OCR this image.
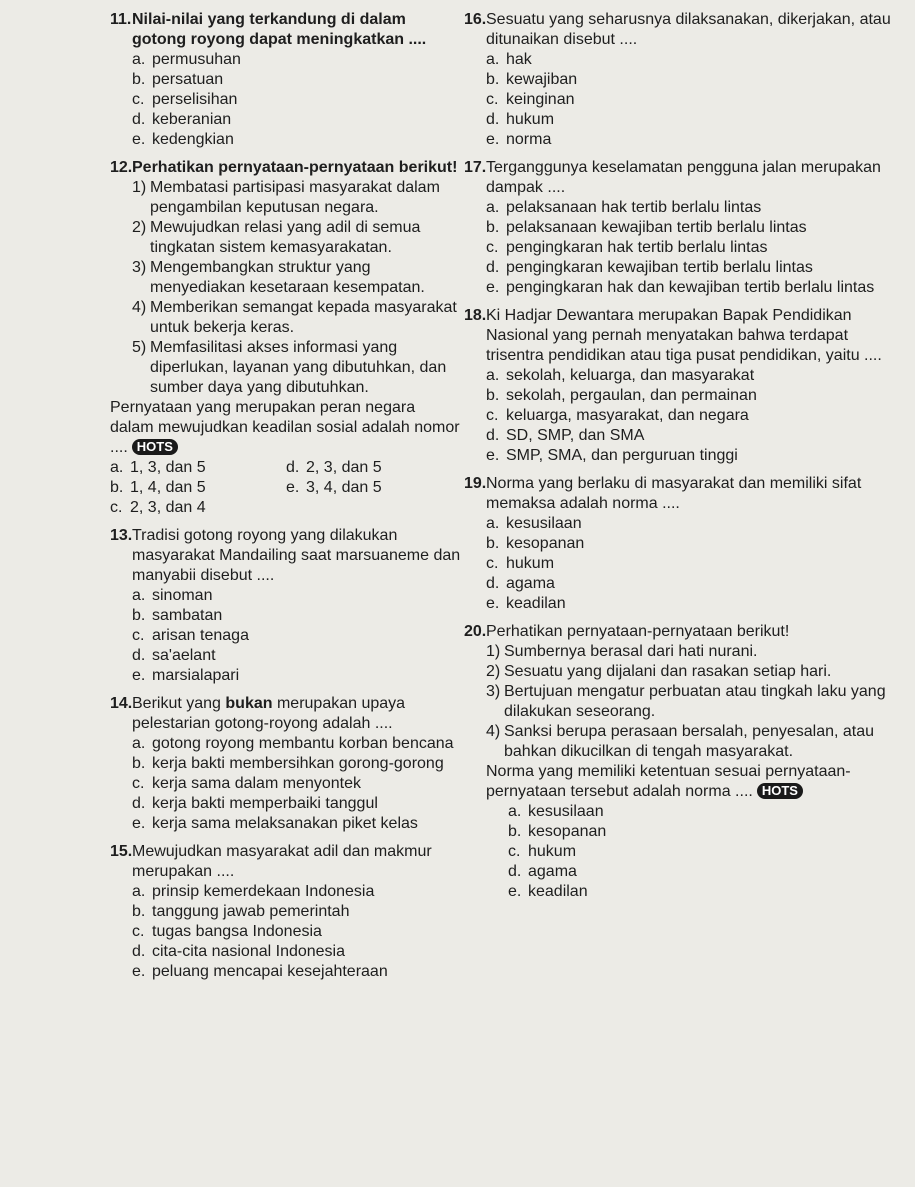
11. Nilai-nilai yang terkandung di dalam gotong royong dapat meningkatkan ....
a. permusuhan
b. persatuan
c. perselisihan
d. keberanian
e. kedengkian
12. Perhatikan pernyataan-pernyataan berikut!
1) Membatasi partisipasi masyarakat dalam pengambilan keputusan negara.
2) Mewujudkan relasi yang adil di semua tingkatan sistem kemasyarakatan.
3) Mengembangkan struktur yang menyediakan kesetaraan kesempatan.
4) Memberikan semangat kepada masyarakat untuk bekerja keras.
5) Memfasilitasi akses informasi yang diperlukan, layanan yang dibutuhkan, dan sumber daya yang dibutuhkan.
Pernyataan yang merupakan peran negara dalam mewujudkan keadilan sosial adalah nomor .... HOTS
a. 1, 3, dan 5	d. 2, 3, dan 5
b. 1, 4, dan 5	e. 3, 4, dan 5
c. 2, 3, dan 4
13. Tradisi gotong royong yang dilakukan masyarakat Mandailing saat marsuaneme dan manyabii disebut ....
a. sinoman
b. sambatan
c. arisan tenaga
d. sa'aelant
e. marsialapari
14. Berikut yang bukan merupakan upaya pelestarian gotong-royong adalah ....
a. gotong royong membantu korban bencana
b. kerja bakti membersihkan gorong-gorong
c. kerja sama dalam menyontek
d. kerja bakti memperbaiki tanggul
e. kerja sama melaksanakan piket kelas
15. Mewujudkan masyarakat adil dan makmur merupakan ....
a. prinsip kemerdekaan Indonesia
b. tanggung jawab pemerintah
c. tugas bangsa Indonesia
d. cita-cita nasional Indonesia
e. peluang mencapai kesejahteraan
16. Sesuatu yang seharusnya dilaksanakan, dikerjakan, atau ditunaikan disebut ....
a. hak
b. kewajiban
c. keinginan
d. hukum
e. norma
17. Terganggunya keselamatan pengguna jalan merupakan dampak ....
a. pelaksanaan hak tertib berlalu lintas
b. pelaksanaan kewajiban tertib berlalu lintas
c. pengingkaran hak tertib berlalu lintas
d. pengingkaran kewajiban tertib berlalu lintas
e. pengingkaran hak dan kewajiban tertib berlalu lintas
18. Ki Hadjar Dewantara merupakan Bapak Pendidikan Nasional yang pernah menyatakan bahwa terdapat trisentra pendidikan atau tiga pusat pendidikan, yaitu ....
a. sekolah, keluarga, dan masyarakat
b. sekolah, pergaulan, dan permainan
c. keluarga, masyarakat, dan negara
d. SD, SMP, dan SMA
e. SMP, SMA, dan perguruan tinggi
19. Norma yang berlaku di masyarakat dan memiliki sifat memaksa adalah norma ....
a. kesusilaan
b. kesopanan
c. hukum
d. agama
e. keadilan
20. Perhatikan pernyataan-pernyataan berikut!
1) Sumbernya berasal dari hati nurani.
2) Sesuatu yang dijalani dan rasakan setiap hari.
3) Bertujuan mengatur perbuatan atau tingkah laku yang dilakukan seseorang.
4) Sanksi berupa perasaan bersalah, penyesalan, atau bahkan dikucilkan di tengah masyarakat.
Norma yang memiliki ketentuan sesuai pernyataan-pernyataan tersebut adalah norma .... HOTS
a. kesusilaan
b. kesopanan
c. hukum
d. agama
e. keadilan
